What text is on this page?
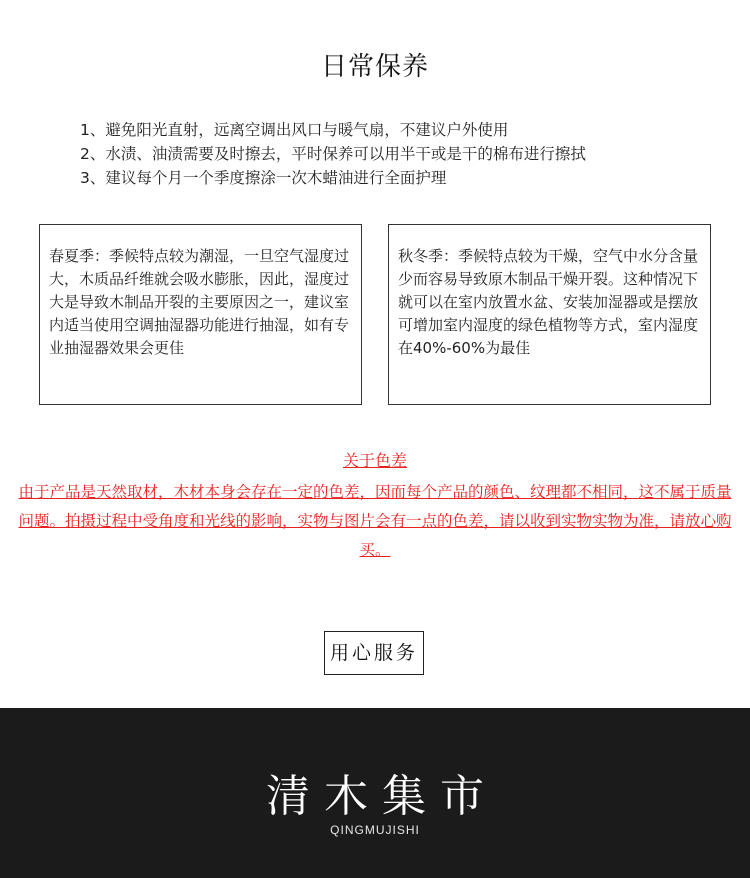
日常保养
1、避免阳光直射，远离空调出风口与暖气扇，不建议户外使用
2、水渍、油渍需要及时擦去，平时保养可以用半干或是干的棉布进行擦拭
3、建议每个月一个季度擦涂一次木蜡油进行全面护理
春夏季：季候特点较为潮湿，一旦空气湿度过大，木质品纤维就会吸水膨胀，因此，湿度过大是导致木制品开裂的主要原因之一，建议室内适当使用空调抽湿器功能进行抽湿，如有专业抽湿器效果会更佳
秋冬季：季候特点较为干燥，空气中水分含量少而容易导致原木制品干燥开裂。这种情况下就可以在室内放置水盆、安装加湿器或是摆放可增加室内湿度的绿色植物等方式，室内湿度在40%-60%为最佳
关于色差
由于产品是天然取材，木材本身会存在一定的色差，因而每个产品的颜色、纹理都不相同，这不属于质量问题。拍摄过程中受角度和光线的影响，实物与图片会有一点的色差，请以收到实物实物为准，请放心购买。
用心服务
清木集市
QINGMUJISHI
